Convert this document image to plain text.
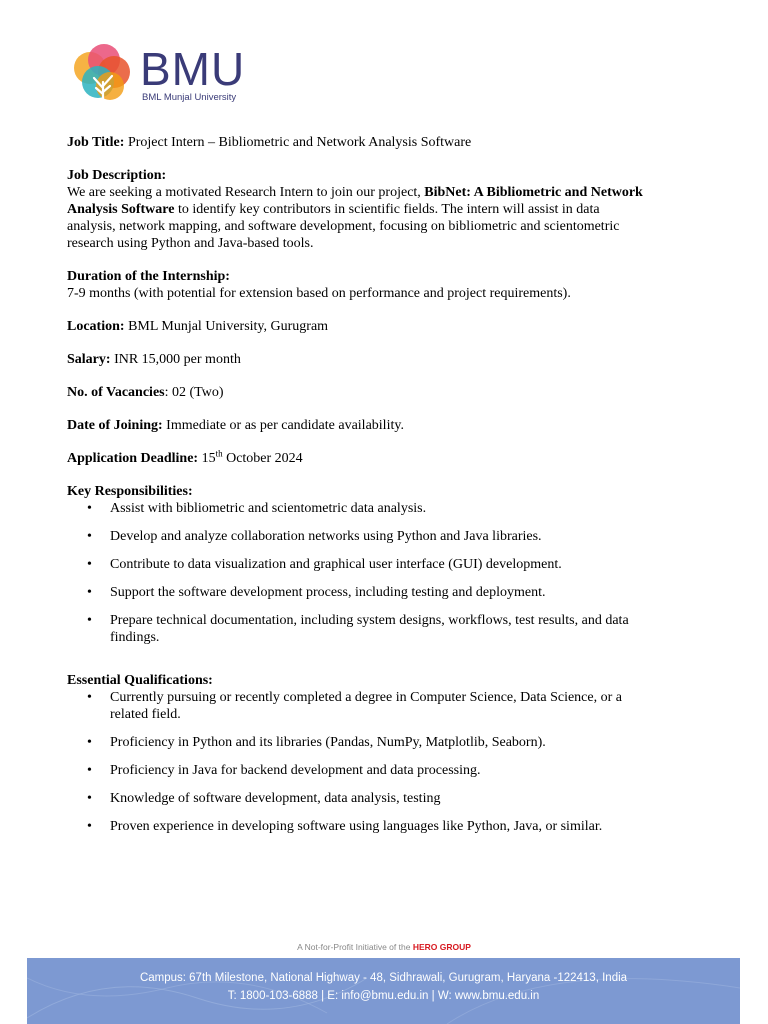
BMU
BML Munjal University

Job Title: Project Intern – Bibliometric and Network Analysis Software

Job Description:
We are seeking a motivated Research Intern to join our project, BibNet: A Bibliometric and Network Analysis Software to identify key contributors in scientific fields. The intern will assist in data analysis, network mapping, and software development, focusing on bibliometric and scientometric research using Python and Java-based tools.

Duration of the Internship:
7-9 months (with potential for extension based on performance and project requirements).

Location: BML Munjal University, Gurugram

Salary: INR 15,000 per month

No. of Vacancies: 02 (Two)

Date of Joining: Immediate or as per candidate availability.

Application Deadline: 15th October 2024

Key Responsibilities:
• Assist with bibliometric and scientometric data analysis.
• Develop and analyze collaboration networks using Python and Java libraries.
• Contribute to data visualization and graphical user interface (GUI) development.
• Support the software development process, including testing and deployment.
• Prepare technical documentation, including system designs, workflows, test results, and data findings.
Essential Qualifications:
• Currently pursuing or recently completed a degree in Computer Science, Data Science, or a related field.
• Proficiency in Python and its libraries (Pandas, NumPy, Matplotlib, Seaborn).
• Proficiency in Java for backend development and data processing.
• Knowledge of software development, data analysis, testing
• Proven experience in developing software using languages like Python, Java, or similar.
A Not-for-Profit Initiative of the HERO GROUP
Campus: 67th Milestone, National Highway - 48, Sidhrawali, Gurugram, Haryana -122413, India
T: 1800-103-6888 | E: info@bmu.edu.in | W: www.bmu.edu.in
